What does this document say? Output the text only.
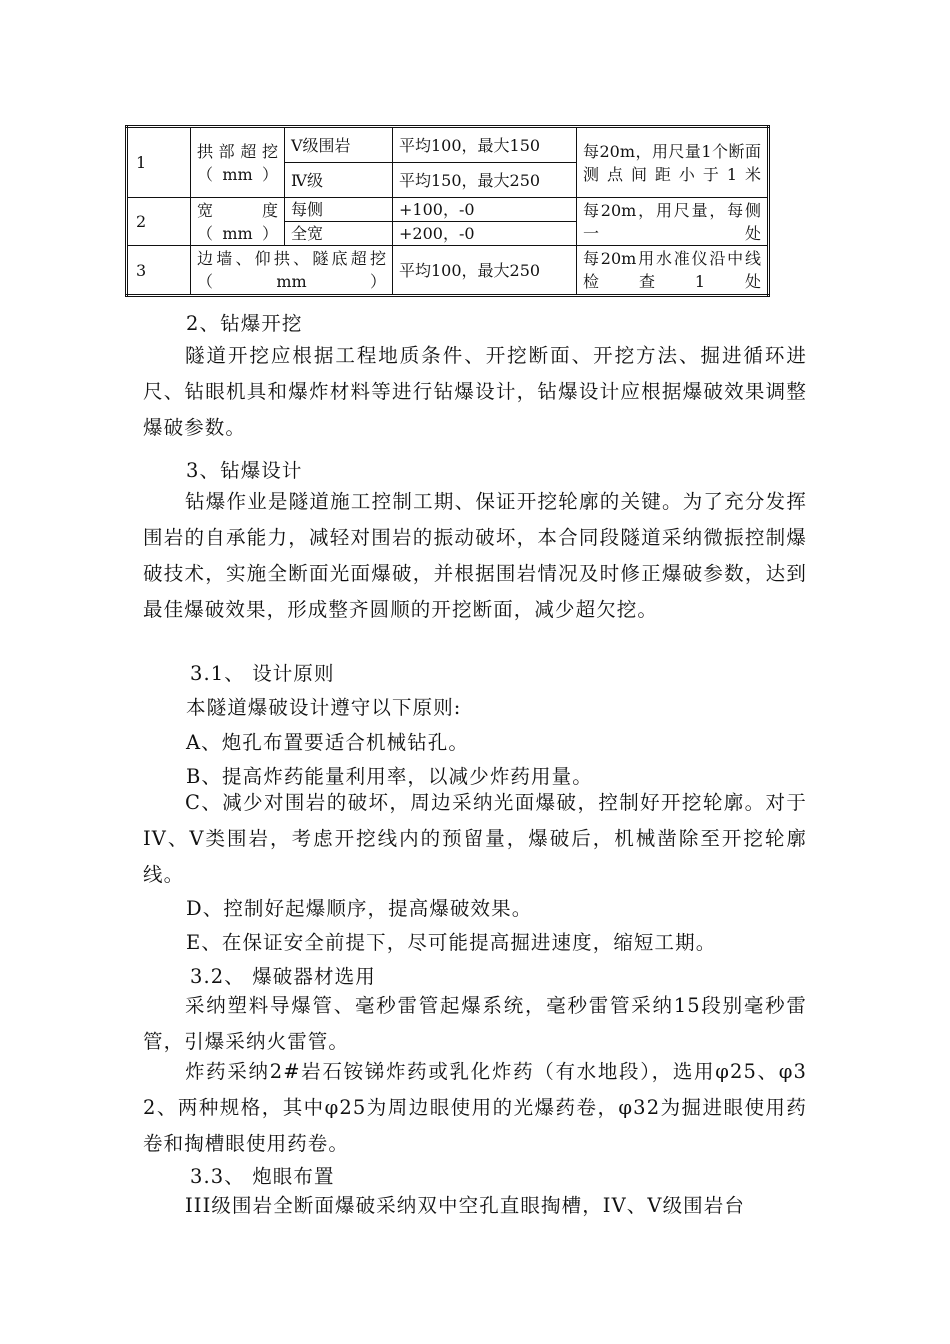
1	拱部超挖（mm）	Ⅴ级围岩	平均100，最大150	每20m，用尺量1个断面测点间距小于1米
		Ⅳ级	平均150，最大250	
2	宽　　度（mm）	每侧	+100，-0	每20m，用尺量，每侧一处
		全宽	+200，-0	
3	边墙、仰拱、隧底超挖（mm）		平均100，最大250	每20m用水准仪沿中线检查1处
2、钻爆开挖
隧道开挖应根据工程地质条件、开挖断面、开挖方法、掘进循环进尺、钻眼机具和爆炸材料等进行钻爆设计，钻爆设计应根据爆破效果调整爆破参数。
3、钻爆设计
钻爆作业是隧道施工控制工期、保证开挖轮廓的关键。为了充分发挥围岩的自承能力，减轻对围岩的振动破坏，本合同段隧道采纳微振控制爆破技术，实施全断面光面爆破，并根据围岩情况及时修正爆破参数，达到最佳爆破效果，形成整齐圆顺的开挖断面，减少超欠挖。
3.1、 设计原则
本隧道爆破设计遵守以下原则:
A、炮孔布置要适合机械钻孔。
B、提高炸药能量利用率，以减少炸药用量。
C、减少对围岩的破坏，周边采纳光面爆破，控制好开挖轮廓。对于IV、V类围岩，考虑开挖线内的预留量，爆破后，机械凿除至开挖轮廓线。
D、控制好起爆顺序，提高爆破效果。
E、在保证安全前提下，尽可能提高掘进速度，缩短工期。
3.2、 爆破器材选用
采纳塑料导爆管、毫秒雷管起爆系统，毫秒雷管采纳15段别毫秒雷管，引爆采纳火雷管。
炸药采纳2#岩石铵锑炸药或乳化炸药（有水地段），选用φ25、φ32、两种规格，其中φ25为周边眼使用的光爆药卷，φ32为掘进眼使用药卷和掏槽眼使用药卷。
3.3、 炮眼布置
III级围岩全断面爆破采纳双中空孔直眼掏槽，IV、V级围岩台
